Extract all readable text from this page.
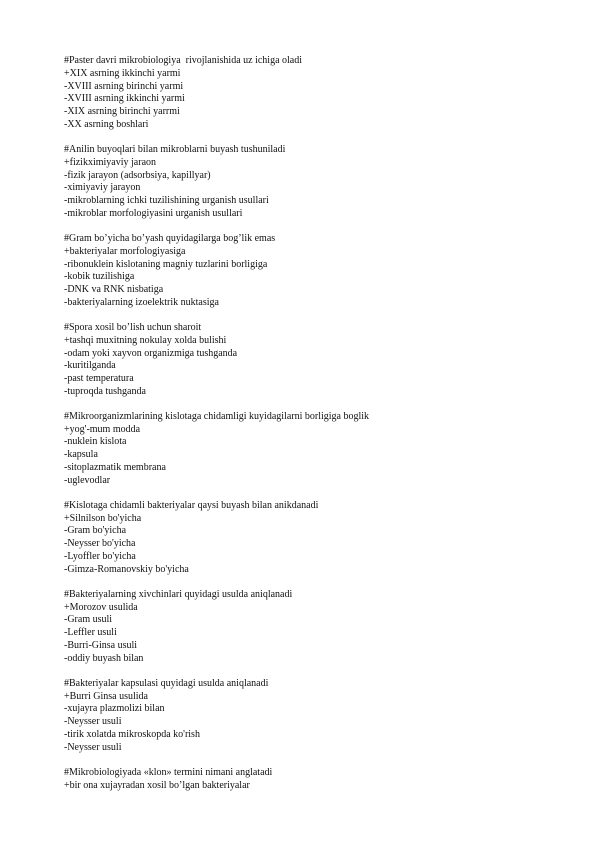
#Paster davri mikrobiologiya  rivojlanishida uz ichiga oladi
+XIX asrning ikkinchi yarmi
-XVIII asrning birinchi yarmi
-XVIII asrning ikkinchi yarmi
-XIX asrning birinchi yarrmi
-XX asrning boshlari
#Anilin buyoqlari bilan mikroblarni buyash tushuniladi
+fizikximiyaviy jaraon
-fizik jarayon (adsorbsiya, kapillyar)
-ximiyaviy jarayon
-mikroblarning ichki tuzilishining urganish usullari
-mikroblar morfologiyasini urganish usullari
#Gram bo’yicha bo’yash quyidagilarga bog’lik emas
+bakteriyalar morfologiyasiga
-ribonuklein kislotaning magniy tuzlarini borligiga
-kobik tuzilishiga
-DNK va RNK nisbatiga
-bakteriyalarning izoelektrik nuktasiga
#Spora xosil bo’lish uchun sharoit
+tashqi muxitning nokulay xolda bulishi
-odam yoki xayvon organizmiga tushganda
-kuritilganda
-past temperatura
-tuproqda tushganda
#Mikroorganizmlarining kislotaga chidamligi kuyidagilarni borligiga boglik
+yog'-mum modda
-nuklein kislota
-kapsula
-sitoplazmatik membrana
-uglevodlar
#Kislotaga chidamli bakteriyalar qaysi buyash bilan anikdanadi
+Silnilson bo'yicha
-Gram bo'yicha
-Neysser bo'yicha
-Lyoffler bo'yicha
-Gimza-Romanovskiy bo'yicha
#Bakteriyalarning xivchinlari quyidagi usulda aniqlanadi
+Morozov usulida
-Gram usuli
-Leffler usuli
-Burri-Ginsa usuli
-oddiy buyash bilan
#Bakteriyalar kapsulasi quyidagi usulda aniqlanadi
+Burri Ginsa usulida
-xujayra plazmolizi bilan
-Neysser usuli
-tirik xolatda mikroskopda ko'rish
-Neysser usuli
#Mikrobiologiyada «klon» termini nimani anglatadi
+bir ona xujayradan xosil bo’lgan bakteriyalar
